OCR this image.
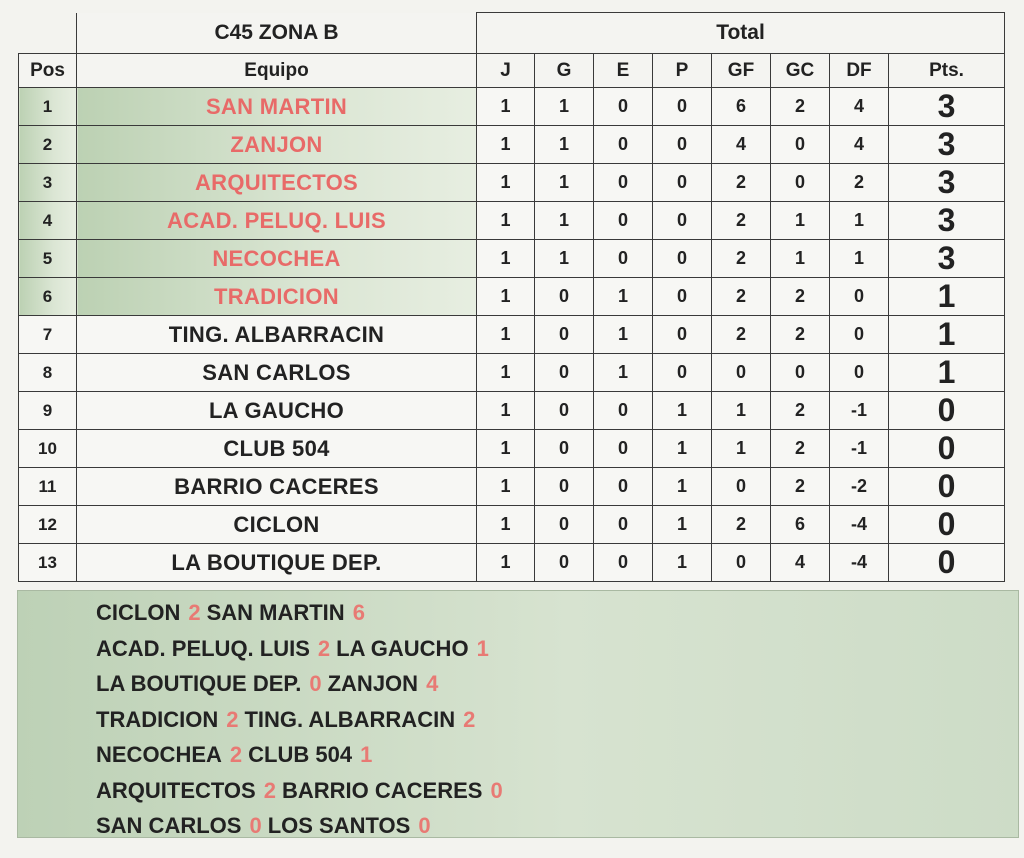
	C45 ZONA B	Total							
Pos	Equipo	J	G	E	P	GF	GC	DF	Pts.
1	SAN MARTIN	1	1	0	0	6	2	4	3
2	ZANJON	1	1	0	0	4	0	4	3
3	ARQUITECTOS	1	1	0	0	2	0	2	3
4	ACAD. PELUQ. LUIS	1	1	0	0	2	1	1	3
5	NECOCHEA	1	1	0	0	2	1	1	3
6	TRADICION	1	0	1	0	2	2	0	1
7	TING. ALBARRACIN	1	0	1	0	2	2	0	1
8	SAN CARLOS	1	0	1	0	0	0	0	1
9	LA GAUCHO	1	0	0	1	1	2	-1	0
10	CLUB 504	1	0	0	1	1	2	-1	0
11	BARRIO CACERES	1	0	0	1	0	2	-2	0
12	CICLON	1	0	0	1	2	6	-4	0
13	LA BOUTIQUE DEP.	1	0	0	1	0	4	-4	0
CICLON 2 SAN MARTIN 6
ACAD. PELUQ. LUIS 2 LA GAUCHO 1
LA BOUTIQUE DEP. 0 ZANJON 4
TRADICION 2 TING. ALBARRACIN 2
NECOCHEA 2 CLUB 504 1
ARQUITECTOS 2 BARRIO CACERES 0
SAN CARLOS 0 LOS SANTOS 0
